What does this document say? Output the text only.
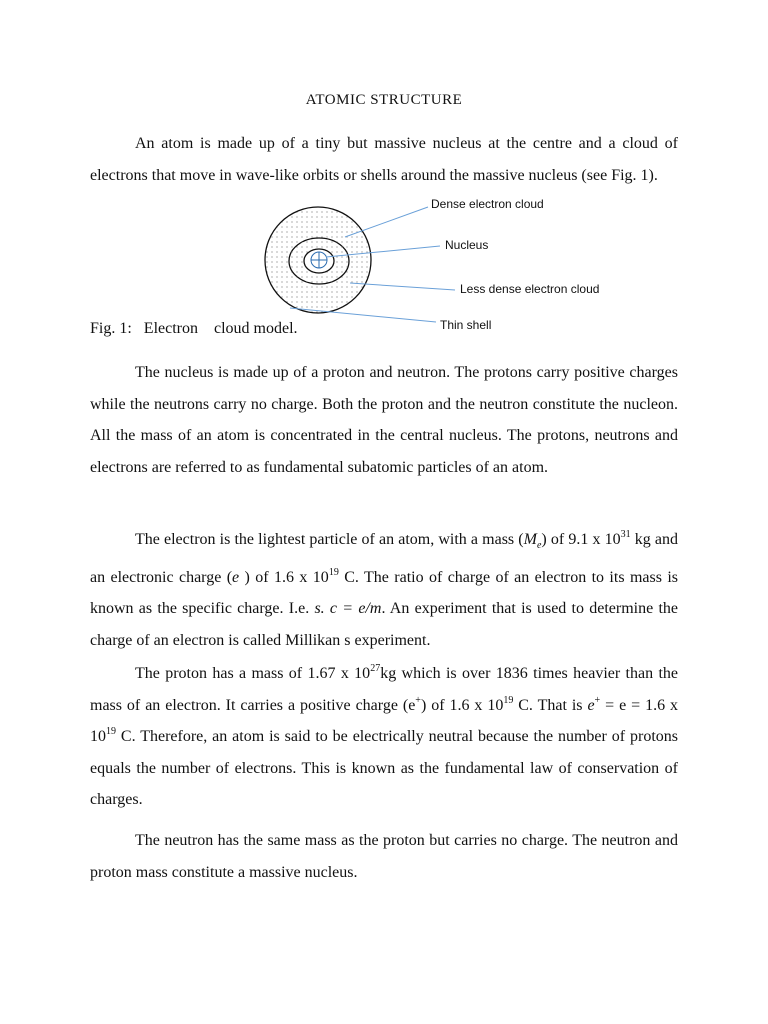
ATOMIC STRUCTURE

An atom is made up of a tiny but massive nucleus at the centre and a cloud of electrons that move in wave-like orbits or shells around the massive nucleus (see Fig. 1).

Dense electron cloud
Nucleus
Less dense electron cloud
Thin shell
Fig. 1:   Electron    cloud model.

The nucleus is made up of a proton and neutron. The protons carry positive charges while the neutrons carry no charge. Both the proton and the neutron constitute the nucleon. All the mass of an atom is concentrated in the central nucleus. The protons, neutrons and electrons are referred to as fundamental subatomic particles of an atom.

The electron is the lightest particle of an atom, with a mass $(M_e)$ of 9.1 x $10^{31}$ kg and an electronic charge (e ) of 1.6 x $10^{19}$ C. The ratio of charge of an electron to its mass is known as the specific charge. I.e. s. c = e/m. An experiment that is used to determine the charge of an electron is called Millikan s experiment.

The proton has a mass of 1.67 x $10^{27}kg$ which is over 1836 times heavier than the mass of an electron. It carries a positive charge (e+) of 1.6 x $10^{19}$ C. That is e+ = e = 1.6 x $10^{19}$ C. Therefore, an atom is said to be electrically neutral because the number of protons equals the number of electrons. This is known as the fundamental law of conservation of charges.

The neutron has the same mass as the proton but carries no charge. The neutron and proton mass constitute a massive nucleus.
